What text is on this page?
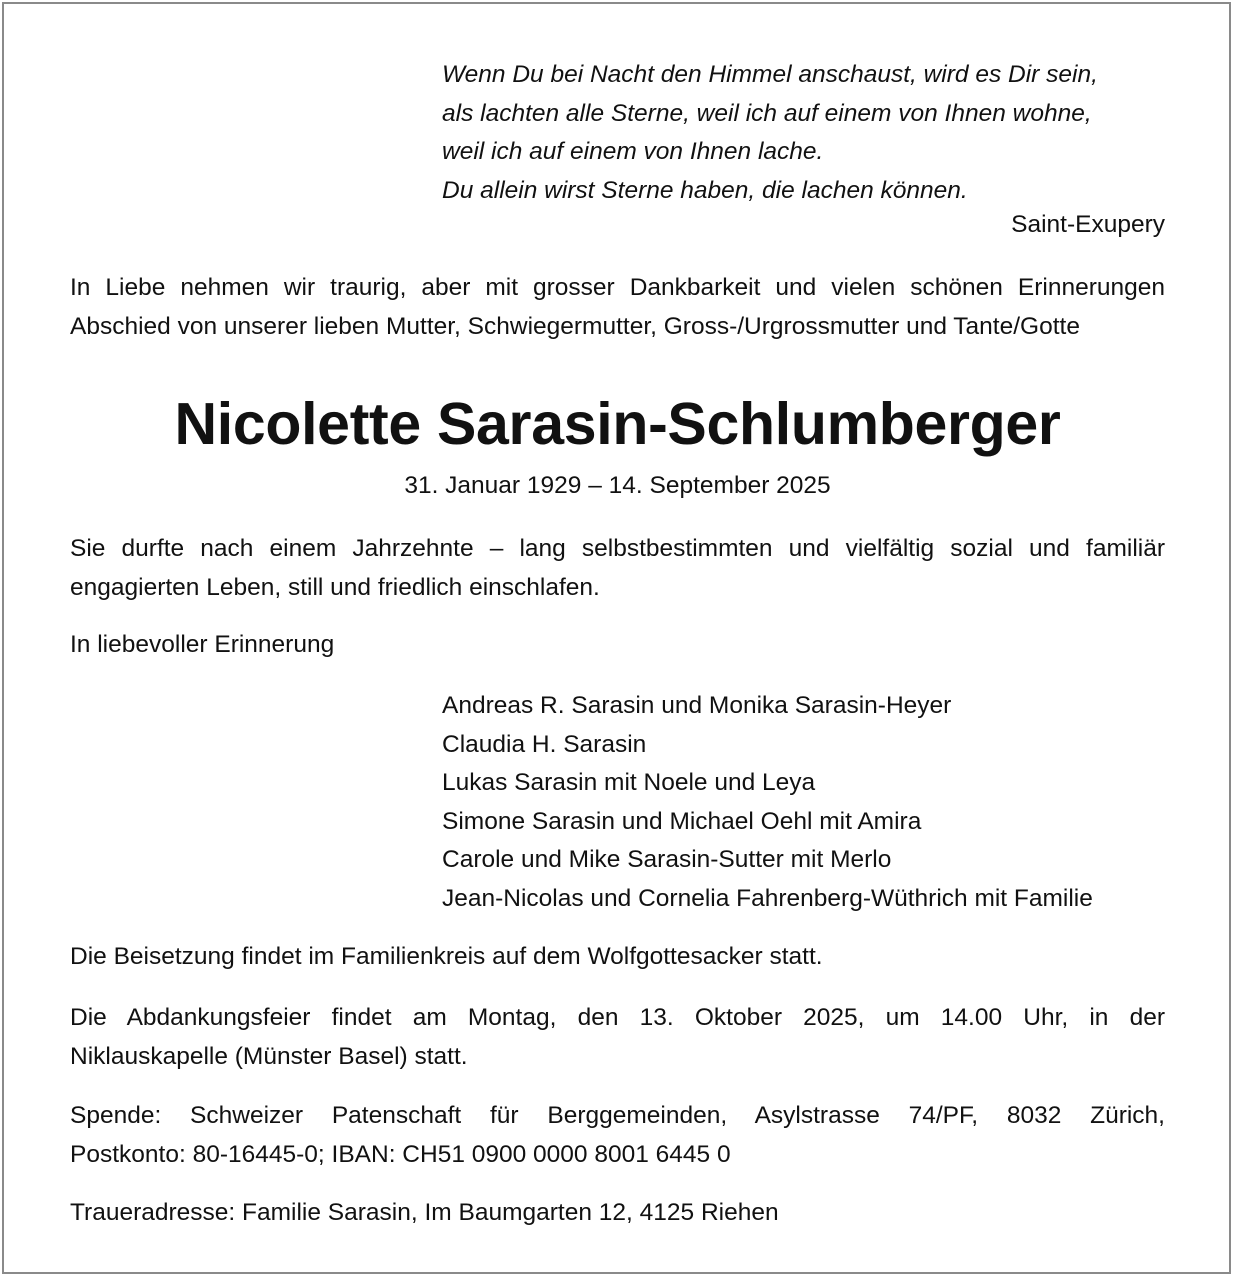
Wenn Du bei Nacht den Himmel anschaust, wird es Dir sein,
als lachten alle Sterne, weil ich auf einem von Ihnen wohne,
weil ich auf einem von Ihnen lache.
Du allein wirst Sterne haben, die lachen können.
Saint-Exupery
In Liebe nehmen wir traurig, aber mit grosser Dankbarkeit und vielen schönen Erinnerungen
Abschied von unserer lieben Mutter, Schwiegermutter, Gross-/Urgrossmutter und Tante/Gotte
Nicolette Sarasin-Schlumberger
31. Januar 1929 – 14. September 2025
Sie durfte nach einem Jahrzehnte – lang selbstbestimmten und vielfältig sozial und familiär
engagierten Leben, still und friedlich einschlafen.
In liebevoller Erinnerung
Andreas R. Sarasin und Monika Sarasin-Heyer
Claudia H. Sarasin
Lukas Sarasin mit Noele und Leya
Simone Sarasin und Michael Oehl mit Amira
Carole und Mike Sarasin-Sutter mit Merlo
Jean-Nicolas und Cornelia Fahrenberg-Wüthrich mit Familie
Die Beisetzung findet im Familienkreis auf dem Wolfgottesacker statt.
Die Abdankungsfeier findet am Montag, den 13. Oktober 2025, um 14.00 Uhr, in der
Niklauskapelle (Münster Basel) statt.
Spende: Schweizer Patenschaft für Berggemeinden, Asylstrasse 74/PF, 8032 Zürich,
Postkonto: 80-16445-0; IBAN: CH51 0900 0000 8001 6445 0
Traueradresse: Familie Sarasin, Im Baumgarten 12, 4125 Riehen
